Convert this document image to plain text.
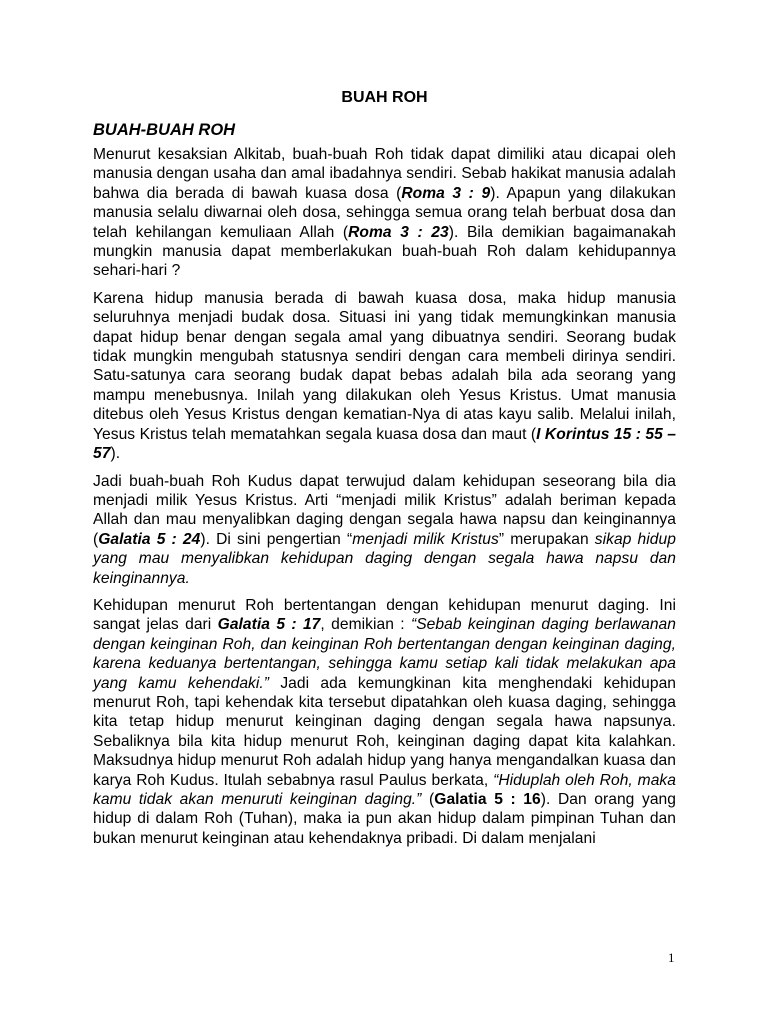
BUAH ROH
BUAH-BUAH ROH
Menurut kesaksian Alkitab, buah-buah Roh tidak dapat dimiliki atau dicapai oleh manusia dengan usaha dan amal ibadahnya sendiri. Sebab hakikat manusia adalah bahwa dia berada di bawah kuasa dosa (Roma 3 : 9). Apapun yang dilakukan manusia selalu diwarnai oleh dosa, sehingga semua orang telah berbuat dosa dan telah kehilangan kemuliaan Allah (Roma 3 : 23). Bila demikian bagaimanakah mungkin manusia dapat memberlakukan buah-buah Roh dalam kehidupannya sehari-hari ?
Karena hidup manusia berada di bawah kuasa dosa, maka hidup manusia seluruhnya menjadi budak dosa. Situasi ini yang tidak memungkinkan manusia dapat hidup benar dengan segala amal yang dibuatnya sendiri. Seorang budak tidak mungkin mengubah statusnya sendiri dengan cara membeli dirinya sendiri. Satu-satunya cara seorang budak dapat bebas adalah bila ada seorang yang mampu menebusnya. Inilah yang dilakukan oleh Yesus Kristus. Umat manusia ditebus oleh Yesus Kristus dengan kematian-Nya di atas kayu salib. Melalui inilah, Yesus Kristus telah mematahkan segala kuasa dosa dan maut (I Korintus 15 : 55 – 57).
Jadi buah-buah Roh Kudus dapat terwujud dalam kehidupan seseorang bila dia menjadi milik Yesus Kristus. Arti “menjadi milik Kristus” adalah beriman kepada Allah dan mau menyalibkan daging dengan segala hawa napsu dan keinginannya (Galatia 5 : 24). Di sini pengertian “menjadi milik Kristus” merupakan sikap hidup yang mau menyalibkan kehidupan daging dengan segala hawa napsu dan keinginannya.
Kehidupan menurut Roh bertentangan dengan kehidupan menurut daging. Ini sangat jelas dari Galatia 5 : 17, demikian : “Sebab keinginan daging berlawanan dengan keinginan Roh, dan keinginan Roh bertentangan dengan keinginan daging, karena keduanya bertentangan, sehingga kamu setiap kali tidak melakukan apa yang kamu kehendaki.” Jadi ada kemungkinan kita menghendaki kehidupan menurut Roh, tapi kehendak kita tersebut dipatahkan oleh kuasa daging, sehingga kita tetap hidup menurut keinginan daging dengan segala hawa napsunya. Sebaliknya bila kita hidup menurut Roh, keinginan daging dapat kita kalahkan. Maksudnya hidup menurut Roh adalah hidup yang hanya mengandalkan kuasa dan karya Roh Kudus. Itulah sebabnya rasul Paulus berkata, “Hiduplah oleh Roh, maka kamu tidak akan menuruti keinginan daging.” (Galatia 5 : 16). Dan orang yang hidup di dalam Roh (Tuhan), maka ia pun akan hidup dalam pimpinan Tuhan dan bukan menurut keinginan atau kehendaknya pribadi. Di dalam menjalani
1
